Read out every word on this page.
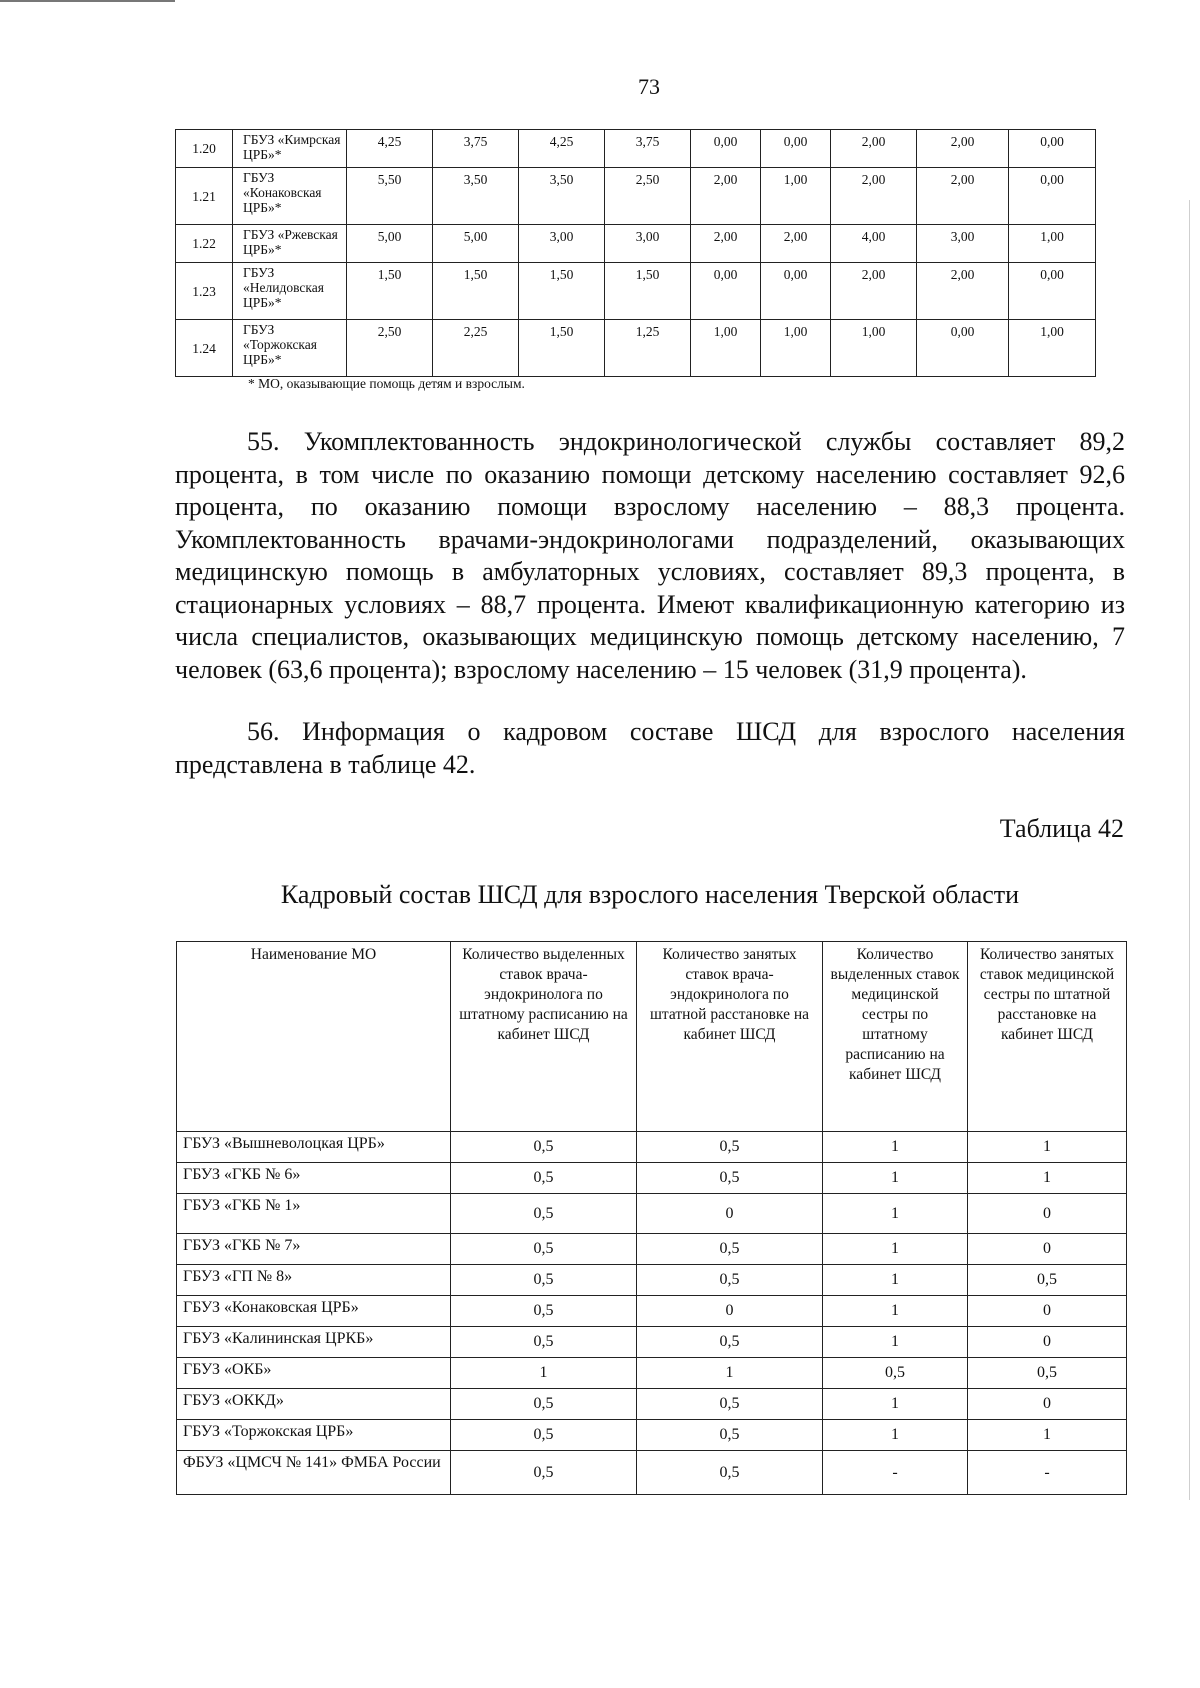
73
1.20	ГБУЗ «Кимрская ЦРБ»*	4,25	3,75	4,25	3,75	0,00	0,00	2,00	2,00	0,00
1.21	ГБУЗ «Конаковская ЦРБ»*	5,50	3,50	3,50	2,50	2,00	1,00	2,00	2,00	0,00
1.22	ГБУЗ «Ржевская ЦРБ»*	5,00	5,00	3,00	3,00	2,00	2,00	4,00	3,00	1,00
1.23	ГБУЗ «Нелидовская ЦРБ»*	1,50	1,50	1,50	1,50	0,00	0,00	2,00	2,00	0,00
1.24	ГБУЗ «Торжокская ЦРБ»*	2,50	2,25	1,50	1,25	1,00	1,00	1,00	0,00	1,00
* МО, оказывающие помощь детям и взрослым.
55. Укомплектованность эндокринологической службы составляет 89,2 процента, в том числе по оказанию помощи детскому населению составляет 92,6 процента, по оказанию помощи взрослому населению – 88,3 процента. Укомплектованность врачами-эндокринологами подразделений, оказывающих медицинскую помощь в амбулаторных условиях, составляет 89,3 процента, в стационарных условиях – 88,7 процента. Имеют квалификационную категорию из числа специалистов, оказывающих медицинскую помощь детскому населению, 7 человек (63,6 процента); взрослому населению – 15 человек (31,9 процента).
56. Информация о кадровом составе ШСД для взрослого населения представлена в таблице 42.
Таблица 42
Кадровый состав ШСД для взрослого населения Тверской области
Наименование МО	Количество выделенных ставок врача-эндокринолога по штатному расписанию на кабинет ШСД	Количество занятых ставок врача-эндокринолога по штатной расстановке на кабинет ШСД	Количество выделенных ставок медицинской сестры по штатному расписанию на кабинет ШСД	Количество занятых ставок медицинской сестры по штатной расстановке на кабинет ШСД
ГБУЗ «Вышневолоцкая ЦРБ»	0,5	0,5	1	1
ГБУЗ «ГКБ № 6»	0,5	0,5	1	1
ГБУЗ «ГКБ № 1»	0,5	0	1	0
ГБУЗ «ГКБ № 7»	0,5	0,5	1	0
ГБУЗ «ГП № 8»	0,5	0,5	1	0,5
ГБУЗ «Конаковская ЦРБ»	0,5	0	1	0
ГБУЗ «Калининская ЦРКБ»	0,5	0,5	1	0
ГБУЗ «ОКБ»	1	1	0,5	0,5
ГБУЗ «ОККД»	0,5	0,5	1	0
ГБУЗ «Торжокская ЦРБ»	0,5	0,5	1	1
ФБУЗ «ЦМСЧ № 141» ФМБА России	0,5	0,5	-	-
